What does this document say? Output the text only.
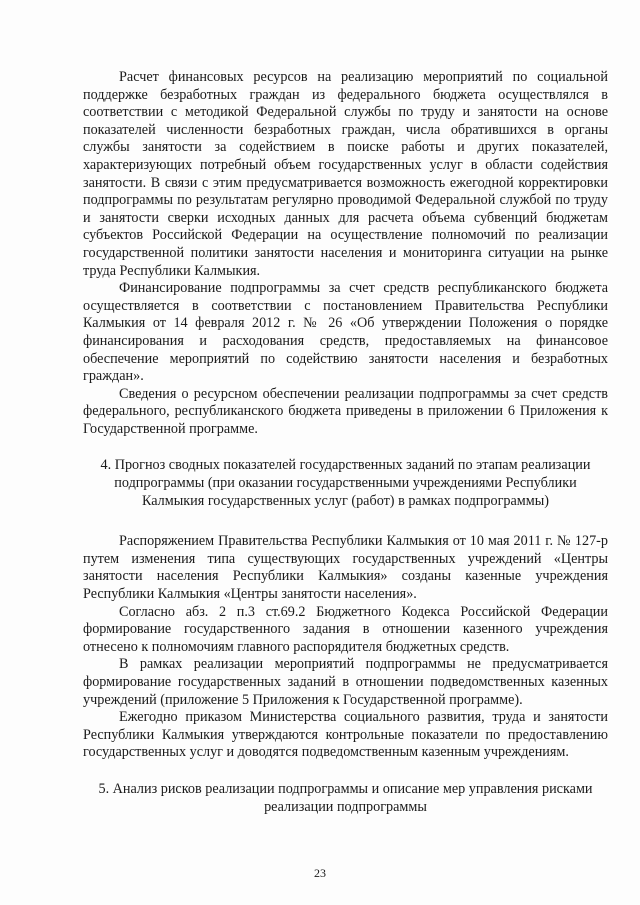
Расчет финансовых ресурсов на реализацию мероприятий по социальной поддержке безработных граждан из федерального бюджета осуществлялся в соответствии с методикой Федеральной службы по труду и занятости на основе показателей численности безработных граждан, числа обратившихся в органы службы занятости за содействием в поиске работы и других показателей, характеризующих потребный объем государственных услуг в области содействия занятости. В связи с этим предусматривается возможность ежегодной корректировки подпрограммы по результатам регулярно проводимой Федеральной службой по труду и занятости сверки исходных данных для расчета объема субвенций бюджетам субъектов Российской Федерации на осуществление полномочий по реализации государственной политики занятости населения и мониторинга ситуации на рынке труда Республики Калмыкия.

Финансирование подпрограммы за счет средств республиканского бюджета осуществляется в соответствии с постановлением Правительства Республики Калмыкия от 14 февраля 2012 г. № 26 «Об утверждении Положения о порядке финансирования и расходования средств, предоставляемых на финансовое обеспечение мероприятий по содействию занятости населения и безработных граждан».

Сведения о ресурсном обеспечении реализации подпрограммы за счет средств федерального, республиканского бюджета приведены в приложении 6 Приложения к Государственной программе.

4. Прогноз сводных показателей государственных заданий по этапам реализации подпрограммы (при оказании государственными учреждениями Республики Калмыкия государственных услуг (работ) в рамках подпрограммы)

Распоряжением Правительства Республики Калмыкия от 10 мая 2011 г. № 127-р путем изменения типа существующих государственных учреждений «Центры занятости населения Республики Калмыкия» созданы казенные учреждения Республики Калмыкия «Центры занятости населения».

Согласно абз. 2 п.3 ст.69.2 Бюджетного Кодекса Российской Федерации формирование государственного задания в отношении казенного учреждения отнесено к полномочиям главного распорядителя бюджетных средств.

В рамках реализации мероприятий подпрограммы не предусматривается формирование государственных заданий в отношении подведомственных казенных учреждений (приложение 5 Приложения к Государственной программе).

Ежегодно приказом Министерства социального развития, труда и занятости Республики Калмыкия утверждаются контрольные показатели по предоставлению государственных услуг и доводятся подведомственным казенным учреждениям.

5. Анализ рисков реализации подпрограммы и описание мер управления рисками реализации подпрограммы

23
